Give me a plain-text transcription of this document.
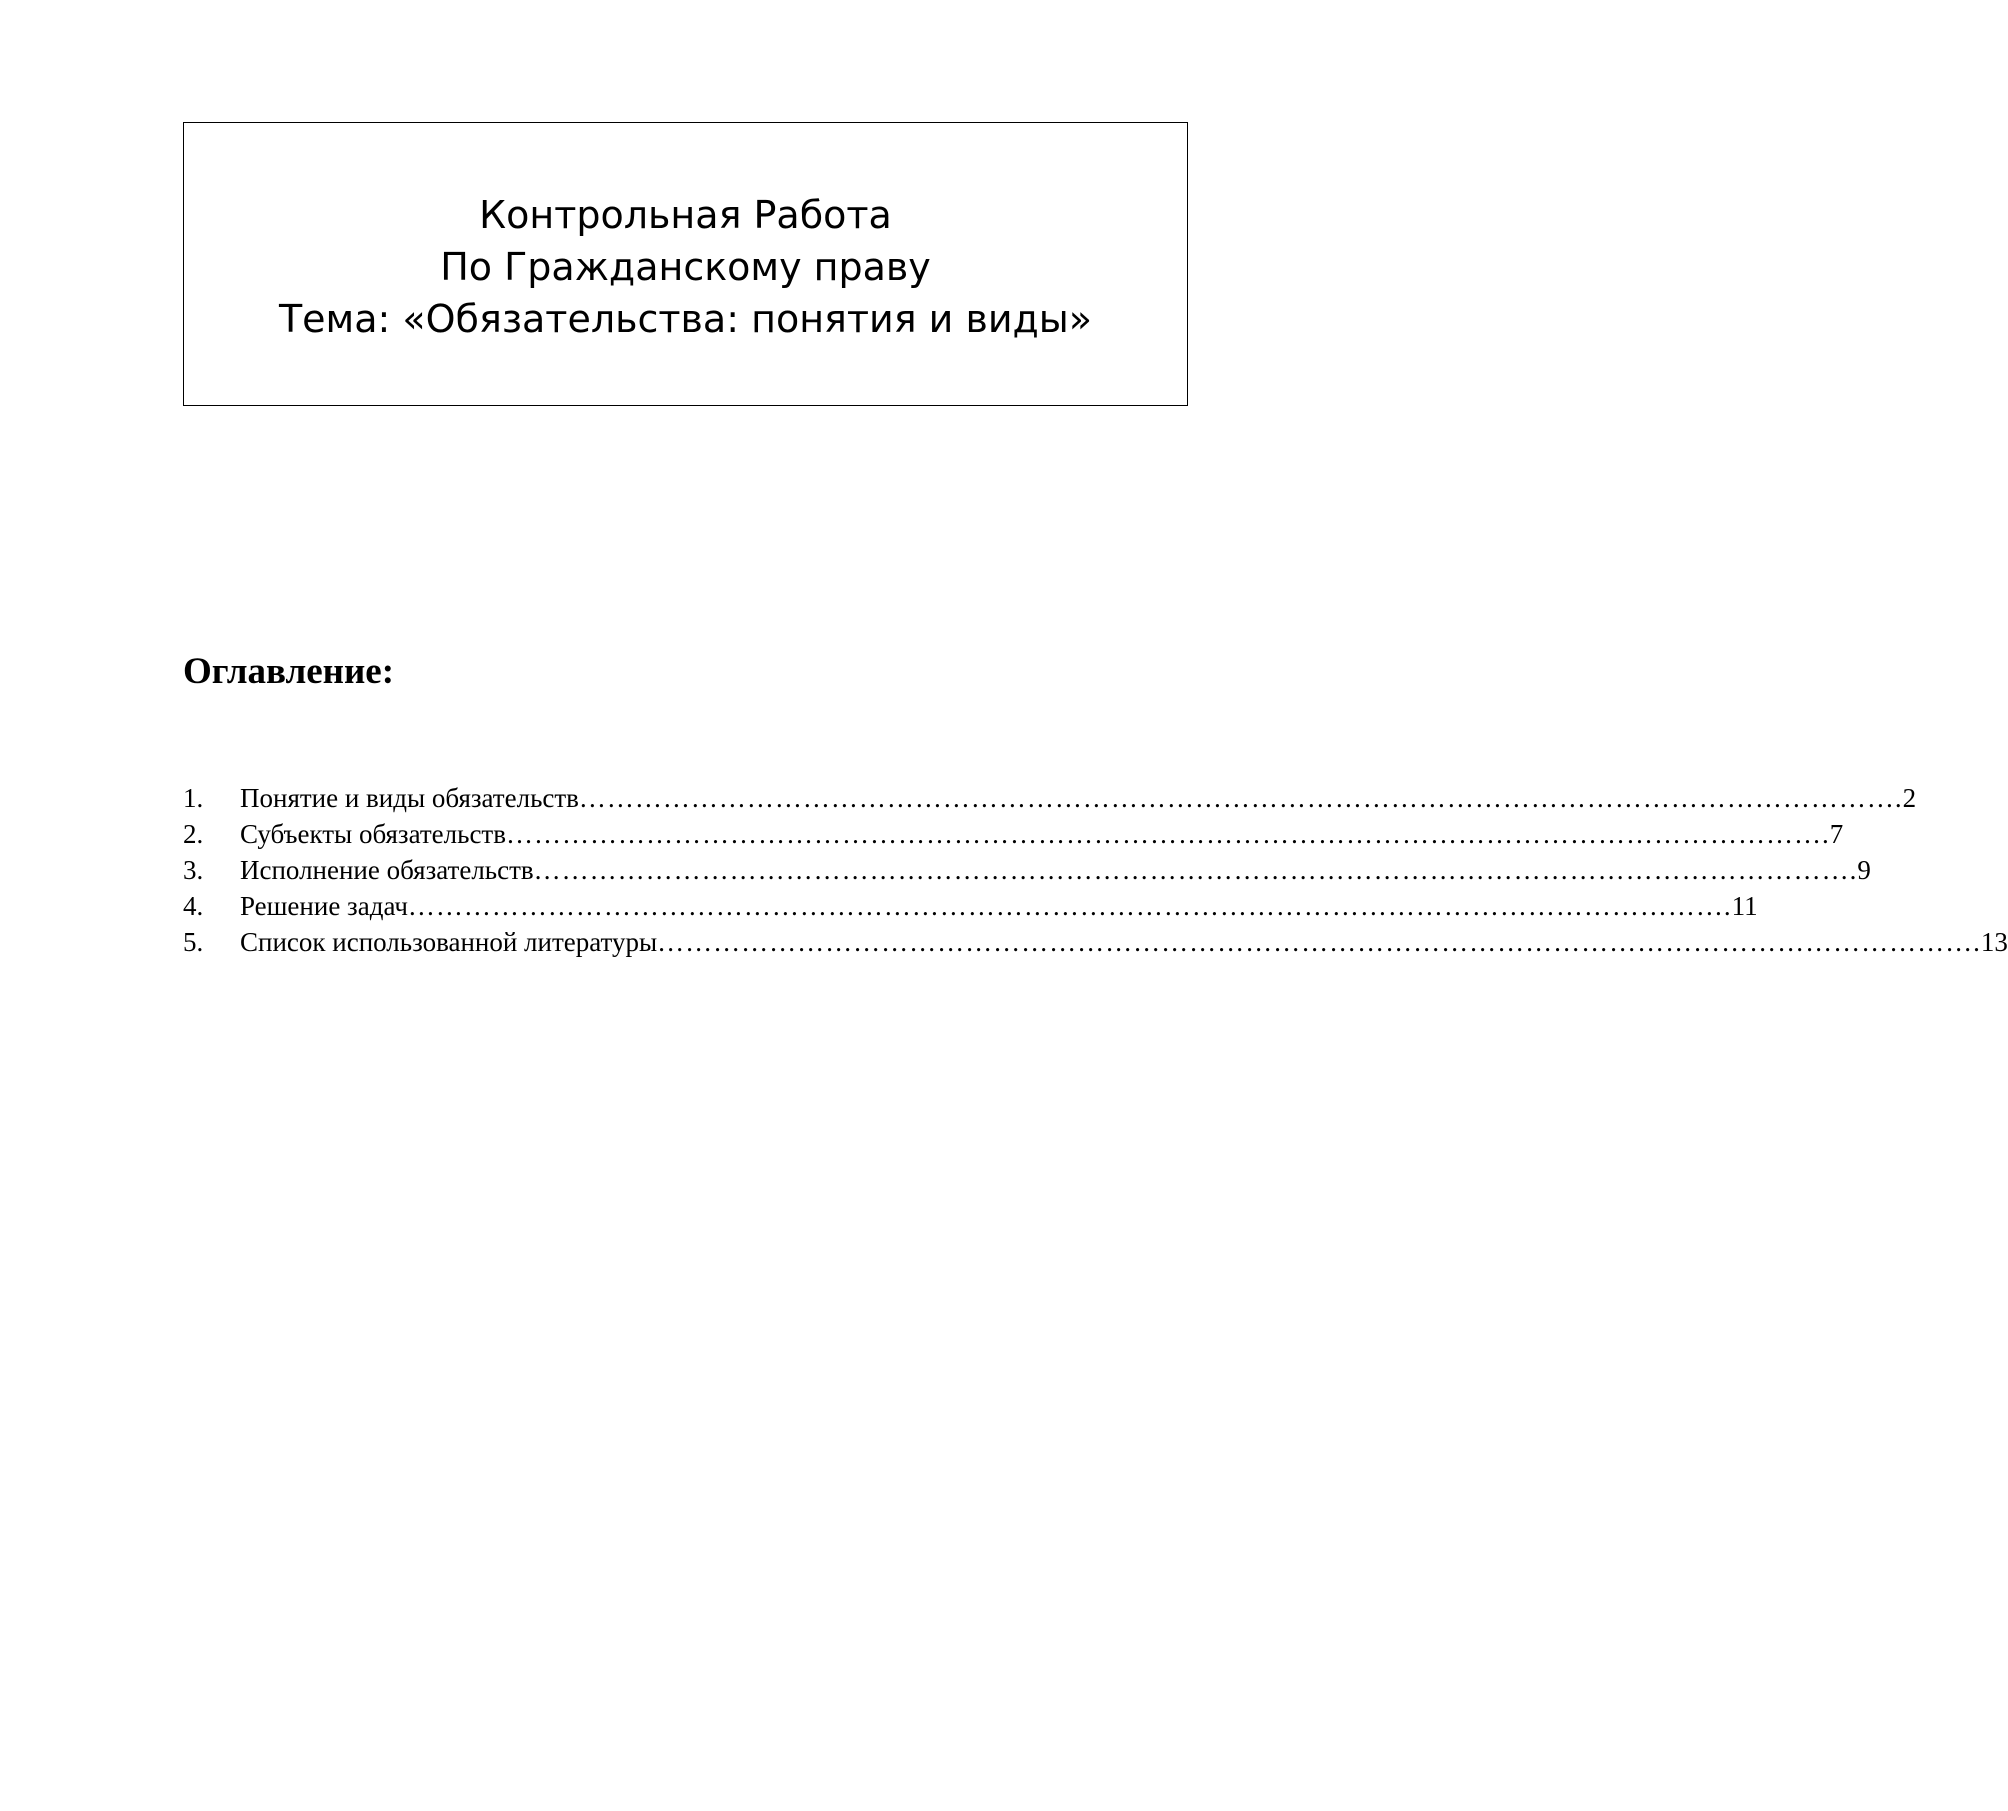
Контрольная Работа
По Гражданскому праву
Тема: «Обязательства: понятия и виды»
Оглавление:
1.	Понятие и виды обязательств ……………………………………………………………………………………………………………………………. 2
2.	Субъекты обязательств ……………………………………………………………………………………………………………………………. 7
3.	Исполнение обязательств ……………………………………………………………………………………………………………………………. 9
4.	Решение задач ……………………………………………………………………………………………………………………………. 11
5.	Список использованной литературы ……………………………………………………………………………………………………………………………. 13
